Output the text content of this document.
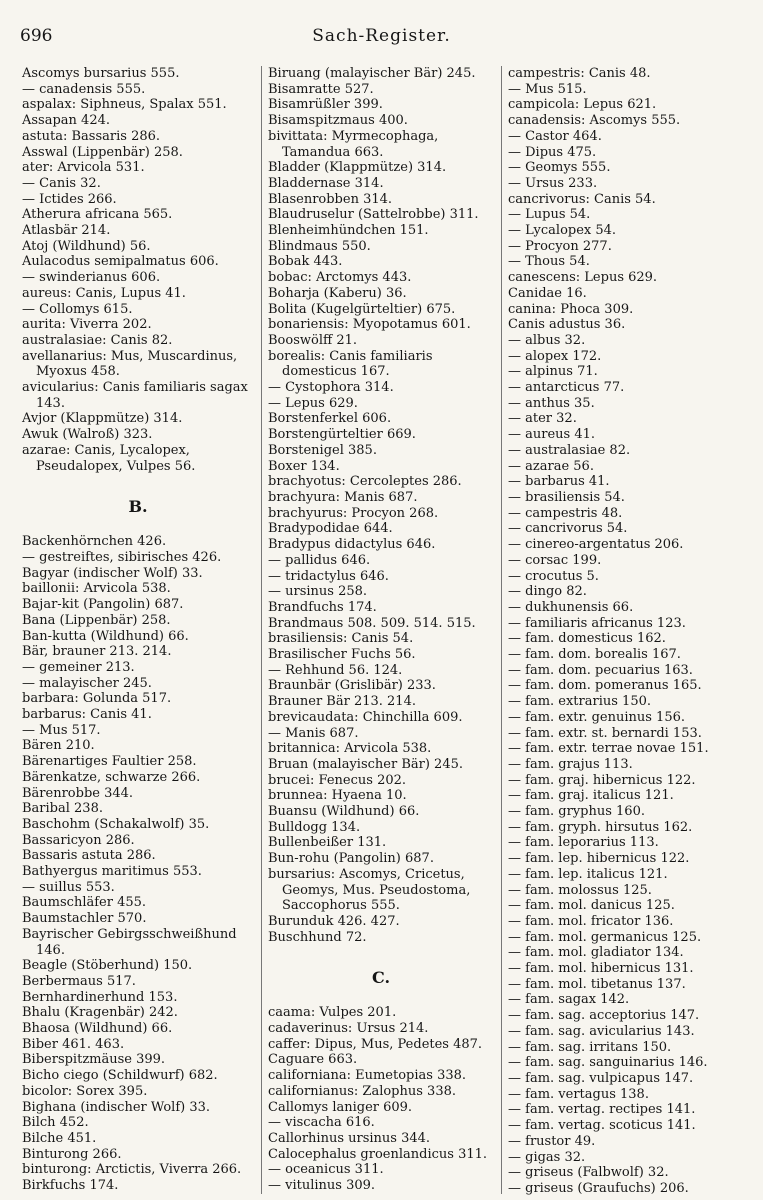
696	Sach-Register.
Ascomys bursarius 555.
— canadensis 555.
aspalax: Siphneus, Spalax 551.
Assapan 424.
astuta: Bassaris 286.
Asswal (Lippenbär) 258.
ater: Arvicola 531.
— Canis 32.
— Ictides 266.
Atherura africana 565.
Atlasbär 214.
Atoj (Wildhund) 56.
Aulacodus semipalmatus 606.
— swinderianus 606.
aureus: Canis, Lupus 41.
— Collomys 615.
aurita: Viverra 202.
australasiae: Canis 82.
avellanarius: Mus, Muscardinus, Myoxus 458.
avicularius: Canis familiaris sagax 143.
Avjor (Klappmütze) 314.
Awuk (Walroß) 323.
azarae: Canis, Lycalopex, Pseudalopex, Vulpes 56.
B.
Backenhörnchen 426.
— gestreiftes, sibirisches 426.
Bagyar (indischer Wolf) 33.
baillonii: Arvicola 538.
Bajar-kit (Pangolin) 687.
Bana (Lippenbär) 258.
Ban-kutta (Wildhund) 66.
Bär, brauner 213. 214.
— gemeiner 213.
— malayischer 245.
barbara: Golunda 517.
barbarus: Canis 41.
— Mus 517.
Bären 210.
Bärenartiges Faultier 258.
Bärenkatze, schwarze 266.
Bärenrobbe 344.
Baribal 238.
Baschohm (Schakalwolf) 35.
Bassaricyon 286.
Bassaris astuta 286.
Bathyergus maritimus 553.
— suillus 553.
Baumschläfer 455.
Baumstachler 570.
Bayrischer Gebirgsschweißhund 146.
Beagle (Stöberhund) 150.
Berbermaus 517.
Bernhardinerhund 153.
Bhalu (Kragenbär) 242.
Bhaosa (Wildhund) 66.
Biber 461. 463.
Biberspitzmäuse 399.
Bicho ciego (Schildwurf) 682.
bicolor: Sorex 395.
Bighana (indischer Wolf) 33.
Bilch 452.
Bilche 451.
Binturong 266.
binturong: Arctictis, Viverra 266.
Birkfuchs 174.
Biruang (malayischer Bär) 245.
Bisamratte 527.
Bisamrüßler 399.
Bisamspitzmaus 400.
bivittata: Myrmecophaga, Tamandua 663.
Bladder (Klappmütze) 314.
Bladdernase 314.
Blasenrobben 314.
Blaudruselur (Sattelrobbe) 311.
Blenheimhündchen 151.
Blindmaus 550.
Bobak 443.
bobac: Arctomys 443.
Boharja (Kaberu) 36.
Bolita (Kugelgürteltier) 675.
bonariensis: Myopotamus 601.
Booswölff 21.
borealis: Canis familiaris domesticus 167.
— Cystophora 314.
— Lepus 629.
Borstenferkel 606.
Borstengürteltier 669.
Borstenigel 385.
Boxer 134.
brachyotus: Cercoleptes 286.
brachyura: Manis 687.
brachyurus: Procyon 268.
Bradypodidae 644.
Bradypus didactylus 646.
— pallidus 646.
— tridactylus 646.
— ursinus 258.
Brandfuchs 174.
Brandmaus 508. 509. 514. 515.
brasiliensis: Canis 54.
Brasilischer Fuchs 56.
— Rehhund 56. 124.
Braunbär (Grislibär) 233.
Brauner Bär 213. 214.
brevicaudata: Chinchilla 609.
— Manis 687.
britannica: Arvicola 538.
Bruan (malayischer Bär) 245.
brucei: Fenecus 202.
brunnea: Hyaena 10.
Buansu (Wildhund) 66.
Bulldogg 134.
Bullenbeißer 131.
Bun-rohu (Pangolin) 687.
bursarius: Ascomys, Cricetus, Geomys, Mus. Pseudostoma, Saccophorus 555.
Burunduk 426. 427.
Buschhund 72.
C.
caama: Vulpes 201.
cadaverinus: Ursus 214.
caffer: Dipus, Mus, Pedetes 487.
Caguare 663.
californiana: Eumetopias 338.
californianus: Zalophus 338.
Callomys laniger 609.
— viscacha 616.
Callorhinus ursinus 344.
Calocephalus groenlandicus 311.
— oceanicus 311.
— vitulinus 309.
campestris: Canis 48.
— Mus 515.
campicola: Lepus 621.
canadensis: Ascomys 555.
— Castor 464.
— Dipus 475.
— Geomys 555.
— Ursus 233.
cancrivorus: Canis 54.
— Lupus 54.
— Lycalopex 54.
— Procyon 277.
— Thous 54.
canescens: Lepus 629.
Canidae 16.
canina: Phoca 309.
Canis adustus 36.
— albus 32.
— alopex 172.
— alpinus 71.
— antarcticus 77.
— anthus 35.
— ater 32.
— aureus 41.
— australasiae 82.
— azarae 56.
— barbarus 41.
— brasiliensis 54.
— campestris 48.
— cancrivorus 54.
— cinereo-argentatus 206.
— corsac 199.
— crocutus 5.
— dingo 82.
— dukhunensis 66.
— familiaris africanus 123.
— fam. domesticus 162.
— fam. dom. borealis 167.
— fam. dom. pecuarius 163.
— fam. dom. pomeranus 165.
— fam. extrarius 150.
— fam. extr. genuinus 156.
— fam. extr. st. bernardi 153.
— fam. extr. terrae novae 151.
— fam. grajus 113.
— fam. graj. hibernicus 122.
— fam. graj. italicus 121.
— fam. gryphus 160.
— fam. gryph. hirsutus 162.
— fam. leporarius 113.
— fam. lep. hibernicus 122.
— fam. lep. italicus 121.
— fam. molossus 125.
— fam. mol. danicus 125.
— fam. mol. fricator 136.
— fam. mol. germanicus 125.
— fam. mol. gladiator 134.
— fam. mol. hibernicus 131.
— fam. mol. tibetanus 137.
— fam. sagax 142.
— fam. sag. acceptorius 147.
— fam. sag. avicularius 143.
— fam. sag. irritans 150.
— fam. sag. sanguinarius 146.
— fam. sag. vulpicapus 147.
— fam. vertagus 138.
— fam. vertag. rectipes 141.
— fam. vertag. scoticus 141.
— frustor 49.
— gigas 32.
— griseus (Falbwolf) 32.
— griseus (Graufuchs) 206.
